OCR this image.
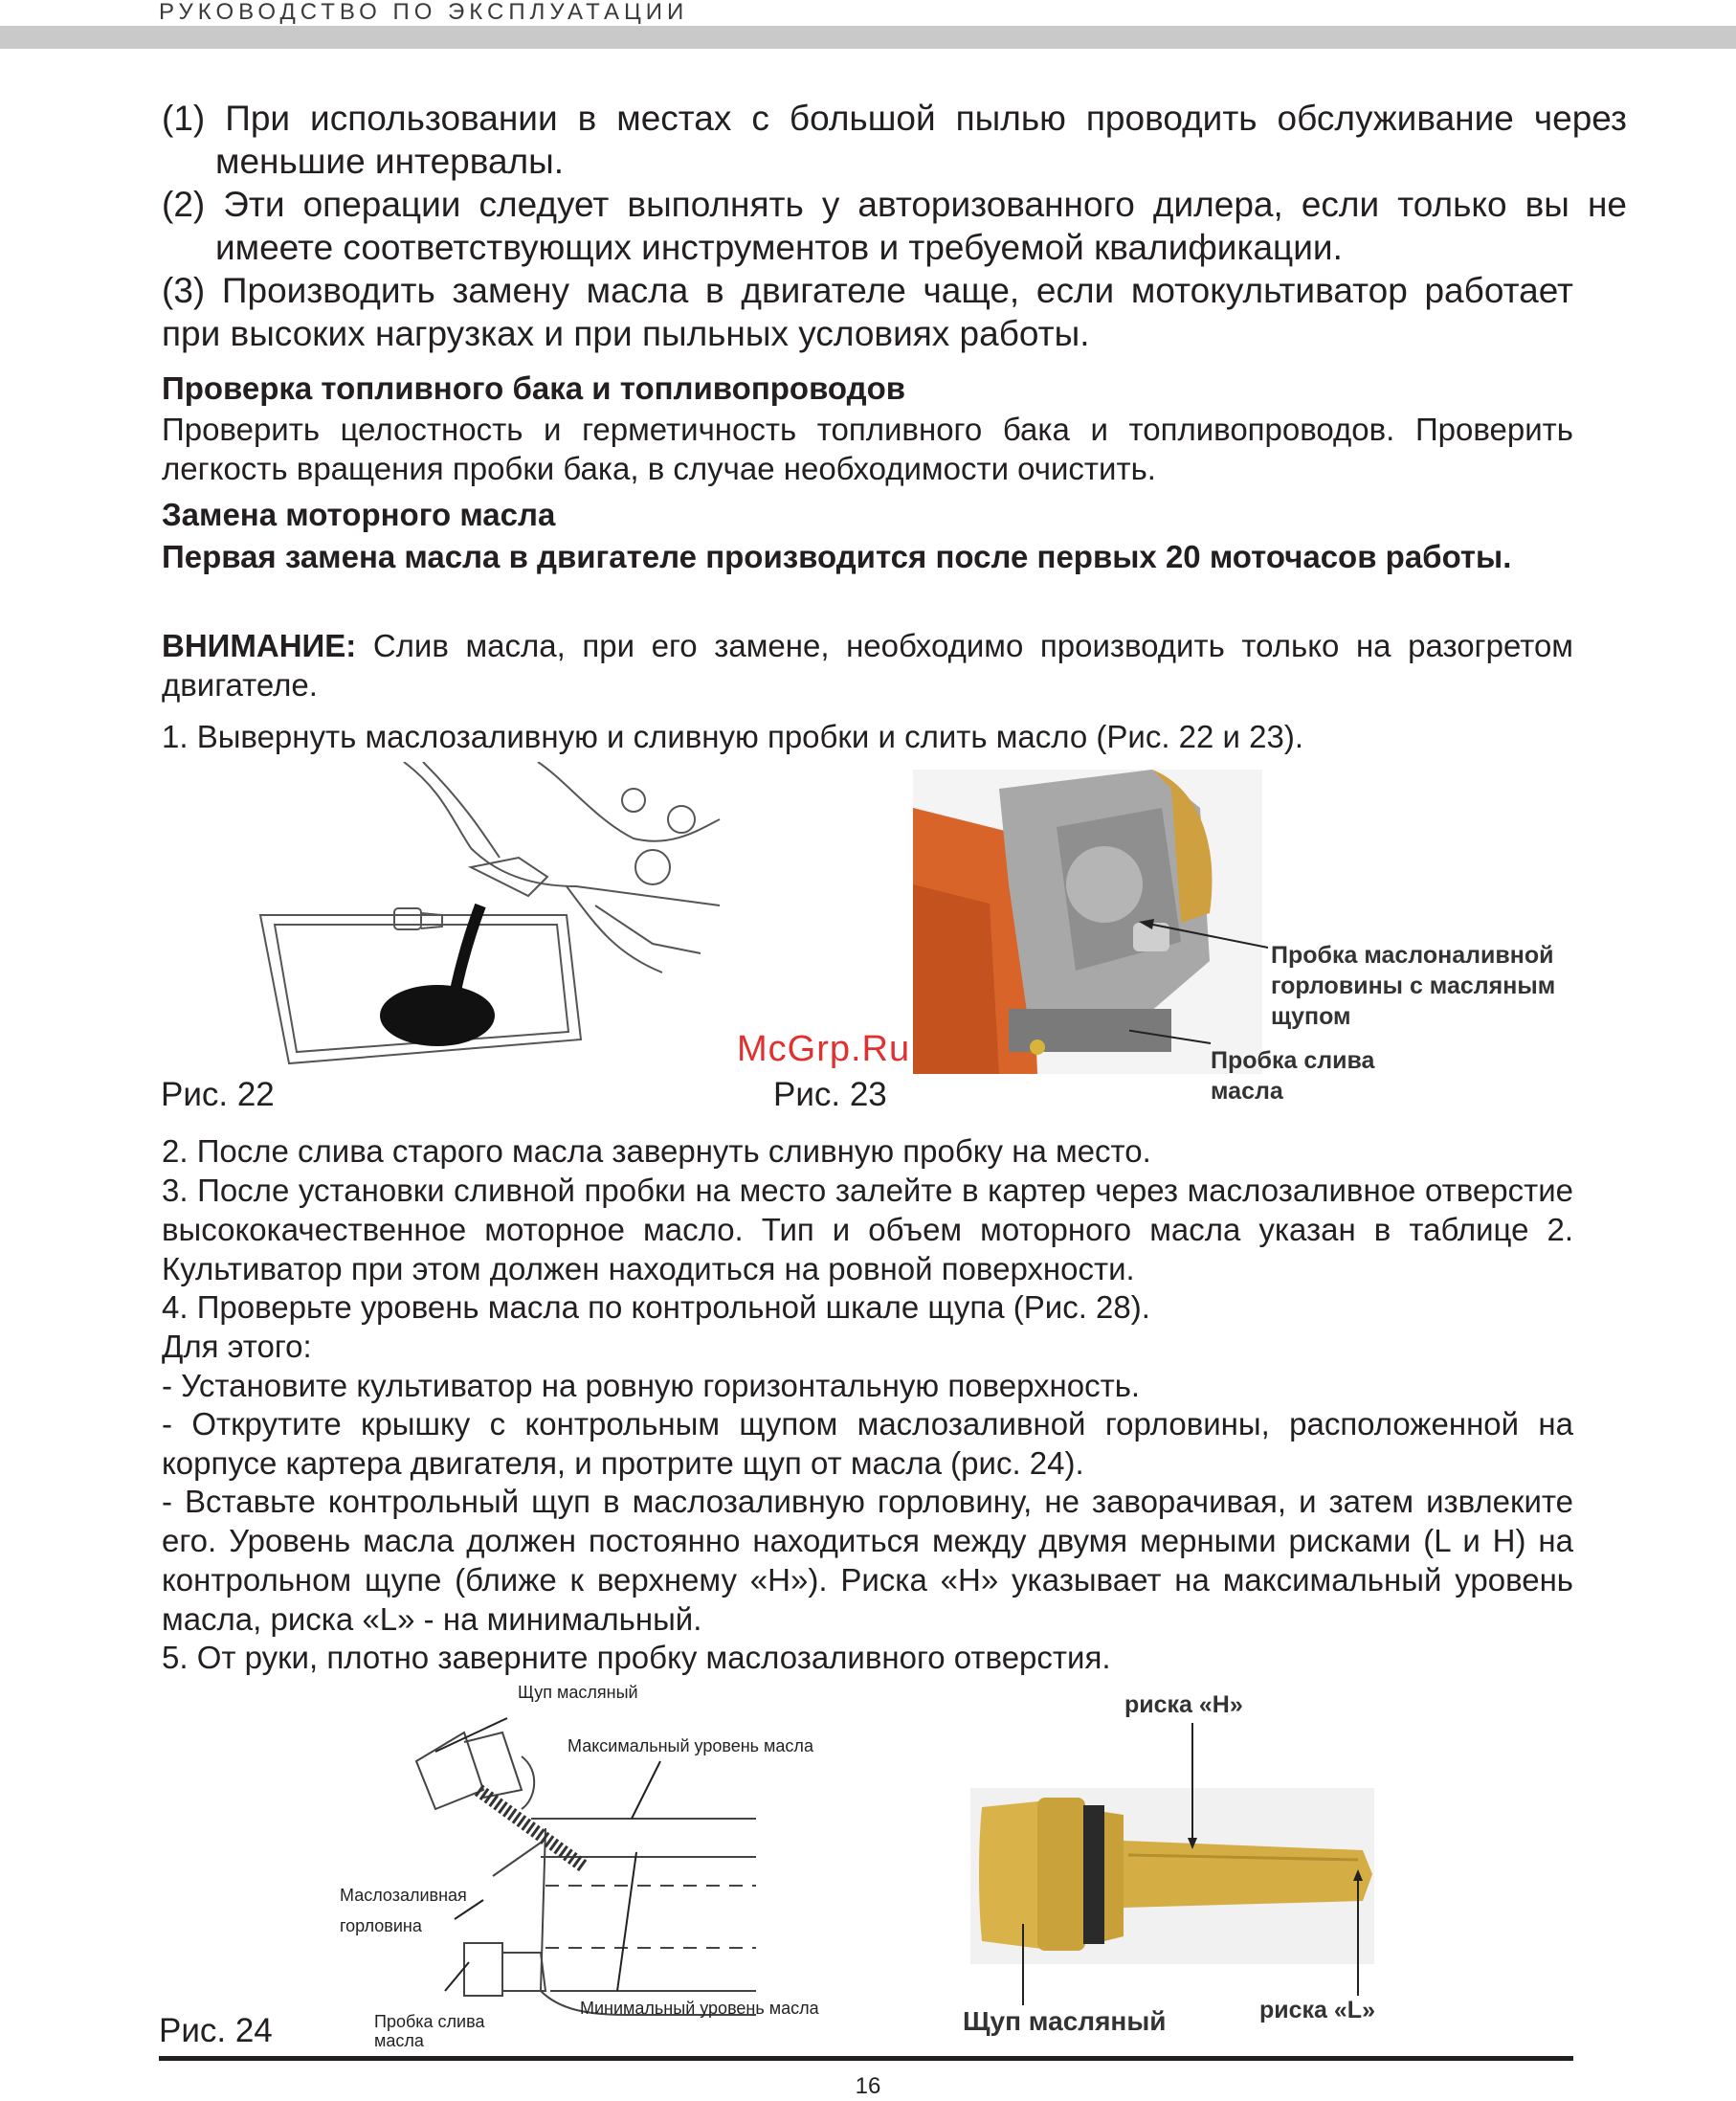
РУКОВОДСТВО ПО ЭКСПЛУАТАЦИИ

(1) При использовании в местах с большой пылью проводить обслуживание через меньшие интервалы.

(2) Эти операции следует выполнять у авторизованного дилера, если только вы не имеете соответствующих инструментов и требуемой квалификации.

(3) Производить замену масла в двигателе чаще, если мотокультиватор работает при высоких нагрузках и при пыльных условиях работы.

Проверка топливного бака и топливопроводов

Проверить целостность и герметичность топливного бака и топливопроводов. Проверить легкость вращения пробки бака, в случае необходимости очистить.

Замена моторного масла

Первая замена масла в двигателе производится после первых 20 моточасов работы.

ВНИМАНИЕ: Слив масла, при его замене, необходимо производить только на разогретом двигателе.

1. Вывернуть маслозаливную и сливную пробки и слить масло (Рис. 22 и 23).

Рис. 22
Пробка маслоналивной горловины с масляным щупом
Пробка слива масла
Рис. 23
McGrp.Ru

2. После слива старого масла завернуть сливную пробку на место.

3. После установки сливной пробки на место залейте в картер через маслозаливное отверстие высококачественное моторное масло. Тип и объем моторного масла указан в таблице 2. Культиватор при этом должен находиться на ровной поверхности.

4. Проверьте уровень масла по контрольной шкале щупа (Рис. 28).

Для этого:

- Установите культиватор на ровную горизонтальную поверхность.

- Открутите крышку с контрольным щупом маслозаливной горловины, расположенной на корпусе картера двигателя, и протрите щуп от масла (рис. 24).

- Вставьте контрольный щуп в маслозаливную горловину, не заворачивая, и затем извлеките его. Уровень масла должен постоянно находиться между двумя мерными рисками (L и H) на контрольном щупе (ближе к верхнему «Н»). Риска «Н» указывает на максимальный уровень масла, риска «L» - на минимальный.

5. От руки, плотно заверните пробку маслозаливного отверстия.

Щуп масляный
Максимальный уровень масла
Маслозаливная горловина
Пробка слива масла
Минимальный уровень масла
Рис. 24
риска «Н»
риска «L»
Щуп масляный
16
